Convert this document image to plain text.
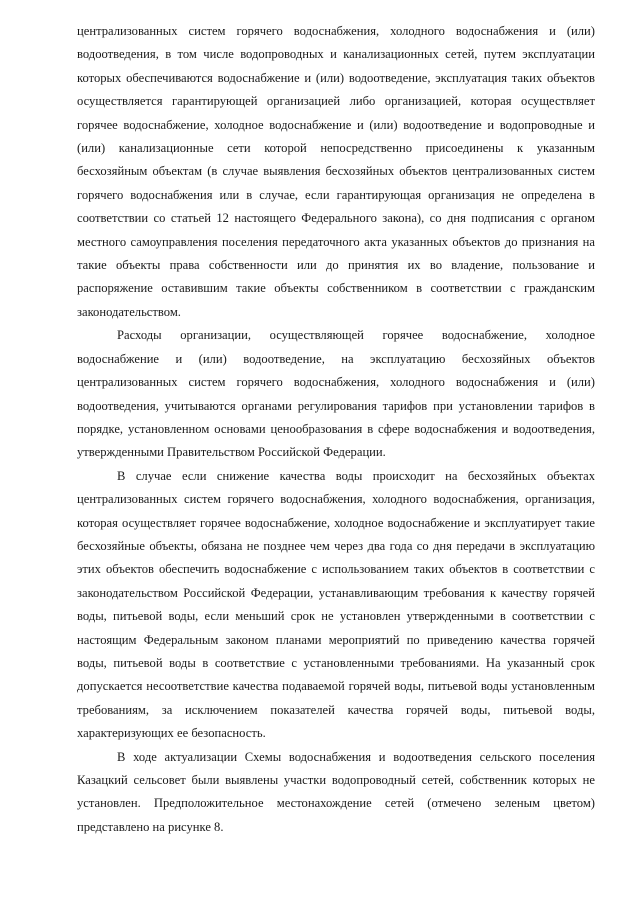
централизованных систем горячего водоснабжения, холодного водоснабжения и (или) водоотведения, в том числе водопроводных и канализационных сетей, путем эксплуатации которых обеспечиваются водоснабжение и (или) водоотведение, эксплуатация таких объектов осуществляется гарантирующей организацией либо организацией, которая осуществляет горячее водоснабжение, холодное водоснабжение и (или) водоотведение и водопроводные и (или) канализационные сети которой непосредственно присоединены к указанным бесхозяйным объектам (в случае выявления бесхозяйных объектов централизованных систем горячего водоснабжения или в случае, если гарантирующая организация не определена в соответствии со статьей 12 настоящего Федерального закона), со дня подписания с органом местного самоуправления поселения передаточного акта указанных объектов до признания на такие объекты права собственности или до принятия их во владение, пользование и распоряжение оставившим такие объекты собственником в соответствии с гражданским законодательством.

Расходы организации, осуществляющей горячее водоснабжение, холодное водоснабжение и (или) водоотведение, на эксплуатацию бесхозяйных объектов централизованных систем горячего водоснабжения, холодного водоснабжения и (или) водоотведения, учитываются органами регулирования тарифов при установлении тарифов в порядке, установленном основами ценообразования в сфере водоснабжения и водоотведения, утвержденными Правительством Российской Федерации.

В случае если снижение качества воды происходит на бесхозяйных объектах централизованных систем горячего водоснабжения, холодного водоснабжения, организация, которая осуществляет горячее водоснабжение, холодное водоснабжение и эксплуатирует такие бесхозяйные объекты, обязана не позднее чем через два года со дня передачи в эксплуатацию этих объектов обеспечить водоснабжение с использованием таких объектов в соответствии с законодательством Российской Федерации, устанавливающим требования к качеству горячей воды, питьевой воды, если меньший срок не установлен утвержденными в соответствии с настоящим Федеральным законом планами мероприятий по приведению качества горячей воды, питьевой воды в соответствие с установленными требованиями. На указанный срок допускается несоответствие качества подаваемой горячей воды, питьевой воды установленным требованиям, за исключением показателей качества горячей воды, питьевой воды, характеризующих ее безопасность.

В ходе актуализации Схемы водоснабжения и водоотведения сельского поселения Казацкий сельсовет были выявлены участки водопроводный сетей, собственник которых не установлен. Предположительное местонахождение сетей (отмечено зеленым цветом) представлено на рисунке 8.
